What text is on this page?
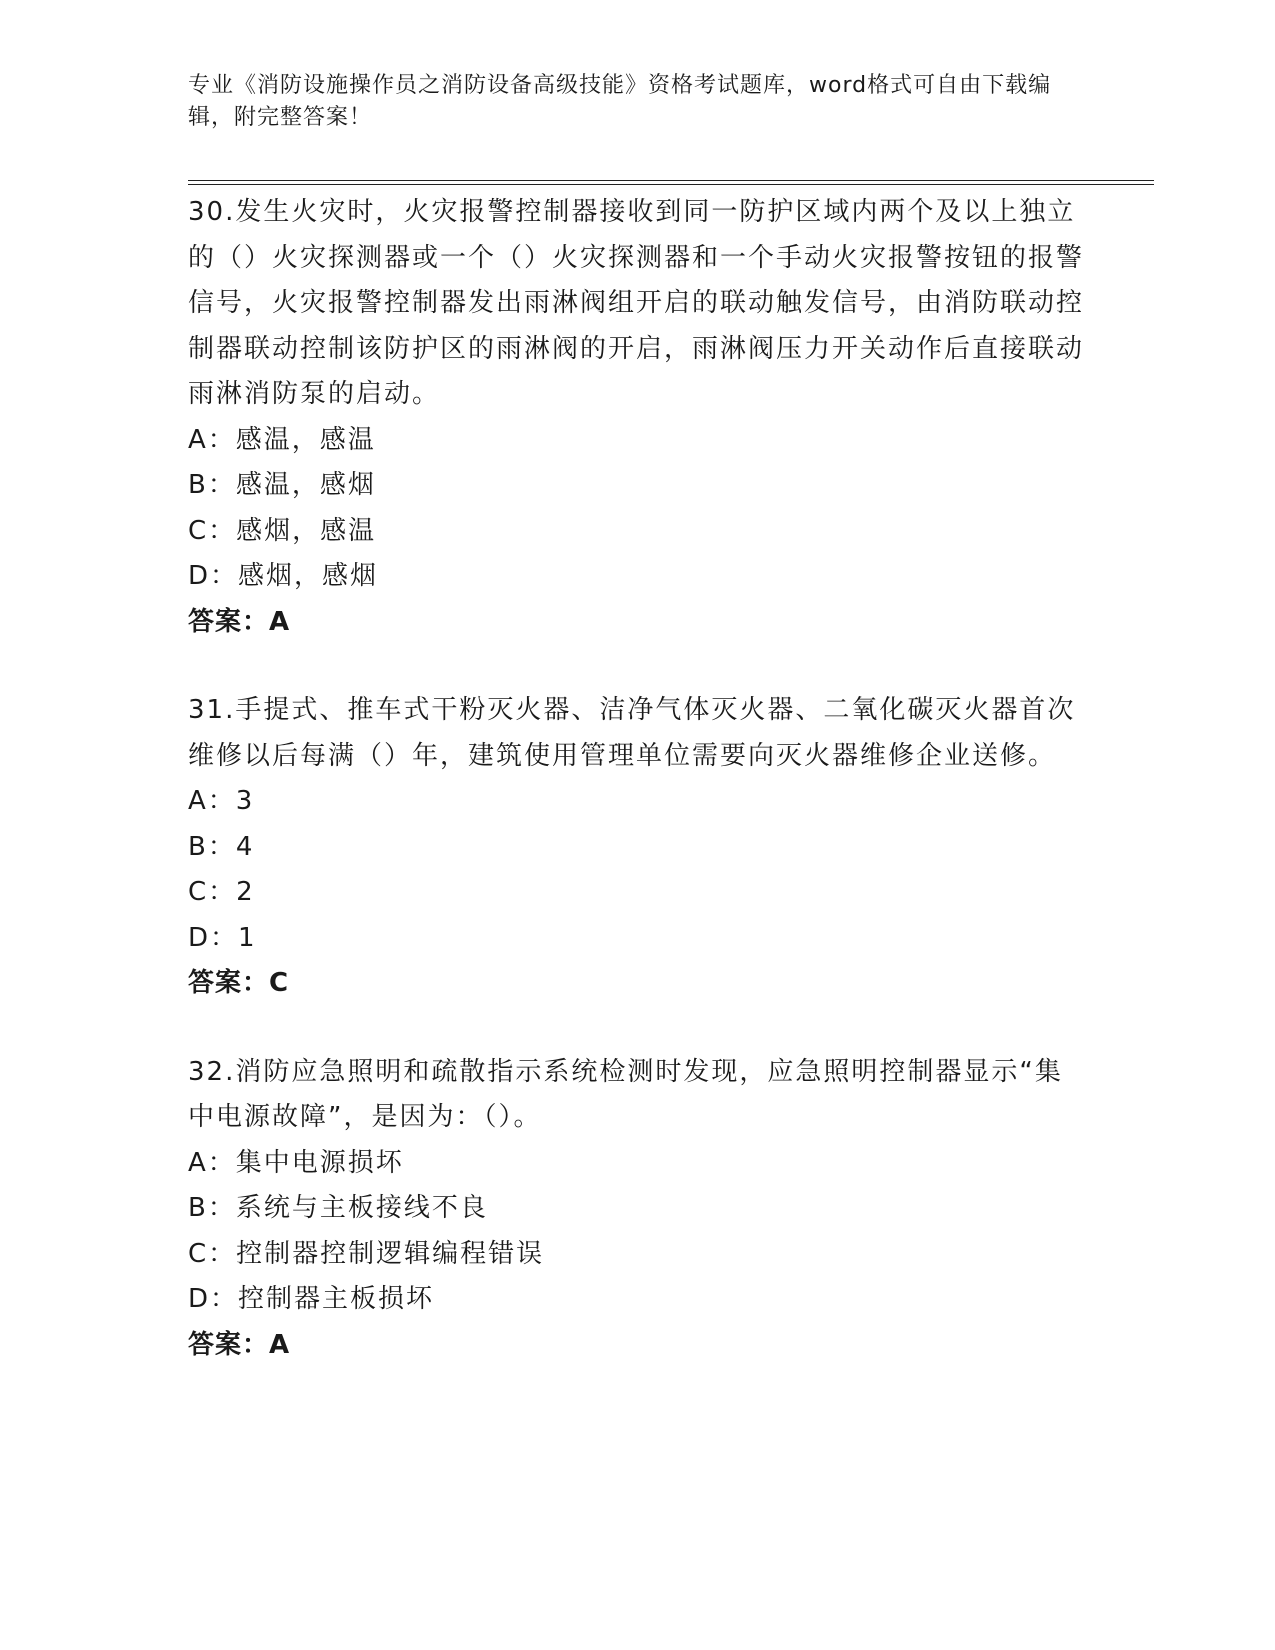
专业《消防设施操作员之消防设备高级技能》资格考试题库，word格式可自由下载编辑，附完整答案！

30.发生火灾时，火灾报警控制器接收到同一防护区域内两个及以上独立的（）火灾探测器或一个（）火灾探测器和一个手动火灾报警按钮的报警信号，火灾报警控制器发出雨淋阀组开启的联动触发信号，由消防联动控制器联动控制该防护区的雨淋阀的开启，雨淋阀压力开关动作后直接联动雨淋消防泵的启动。

A：感温，感温

B：感温，感烟

C：感烟，感温

D：感烟，感烟

答案：A

31.手提式、推车式干粉灭火器、洁净气体灭火器、二氧化碳灭火器首次维修以后每满（）年，建筑使用管理单位需要向灭火器维修企业送修。

A：3

B：4

C：2

D：1

答案：C

32.消防应急照明和疏散指示系统检测时发现，应急照明控制器显示“集中电源故障”，是因为：（）。

A：集中电源损坏

B：系统与主板接线不良

C：控制器控制逻辑编程错误

D：控制器主板损坏

答案：A
